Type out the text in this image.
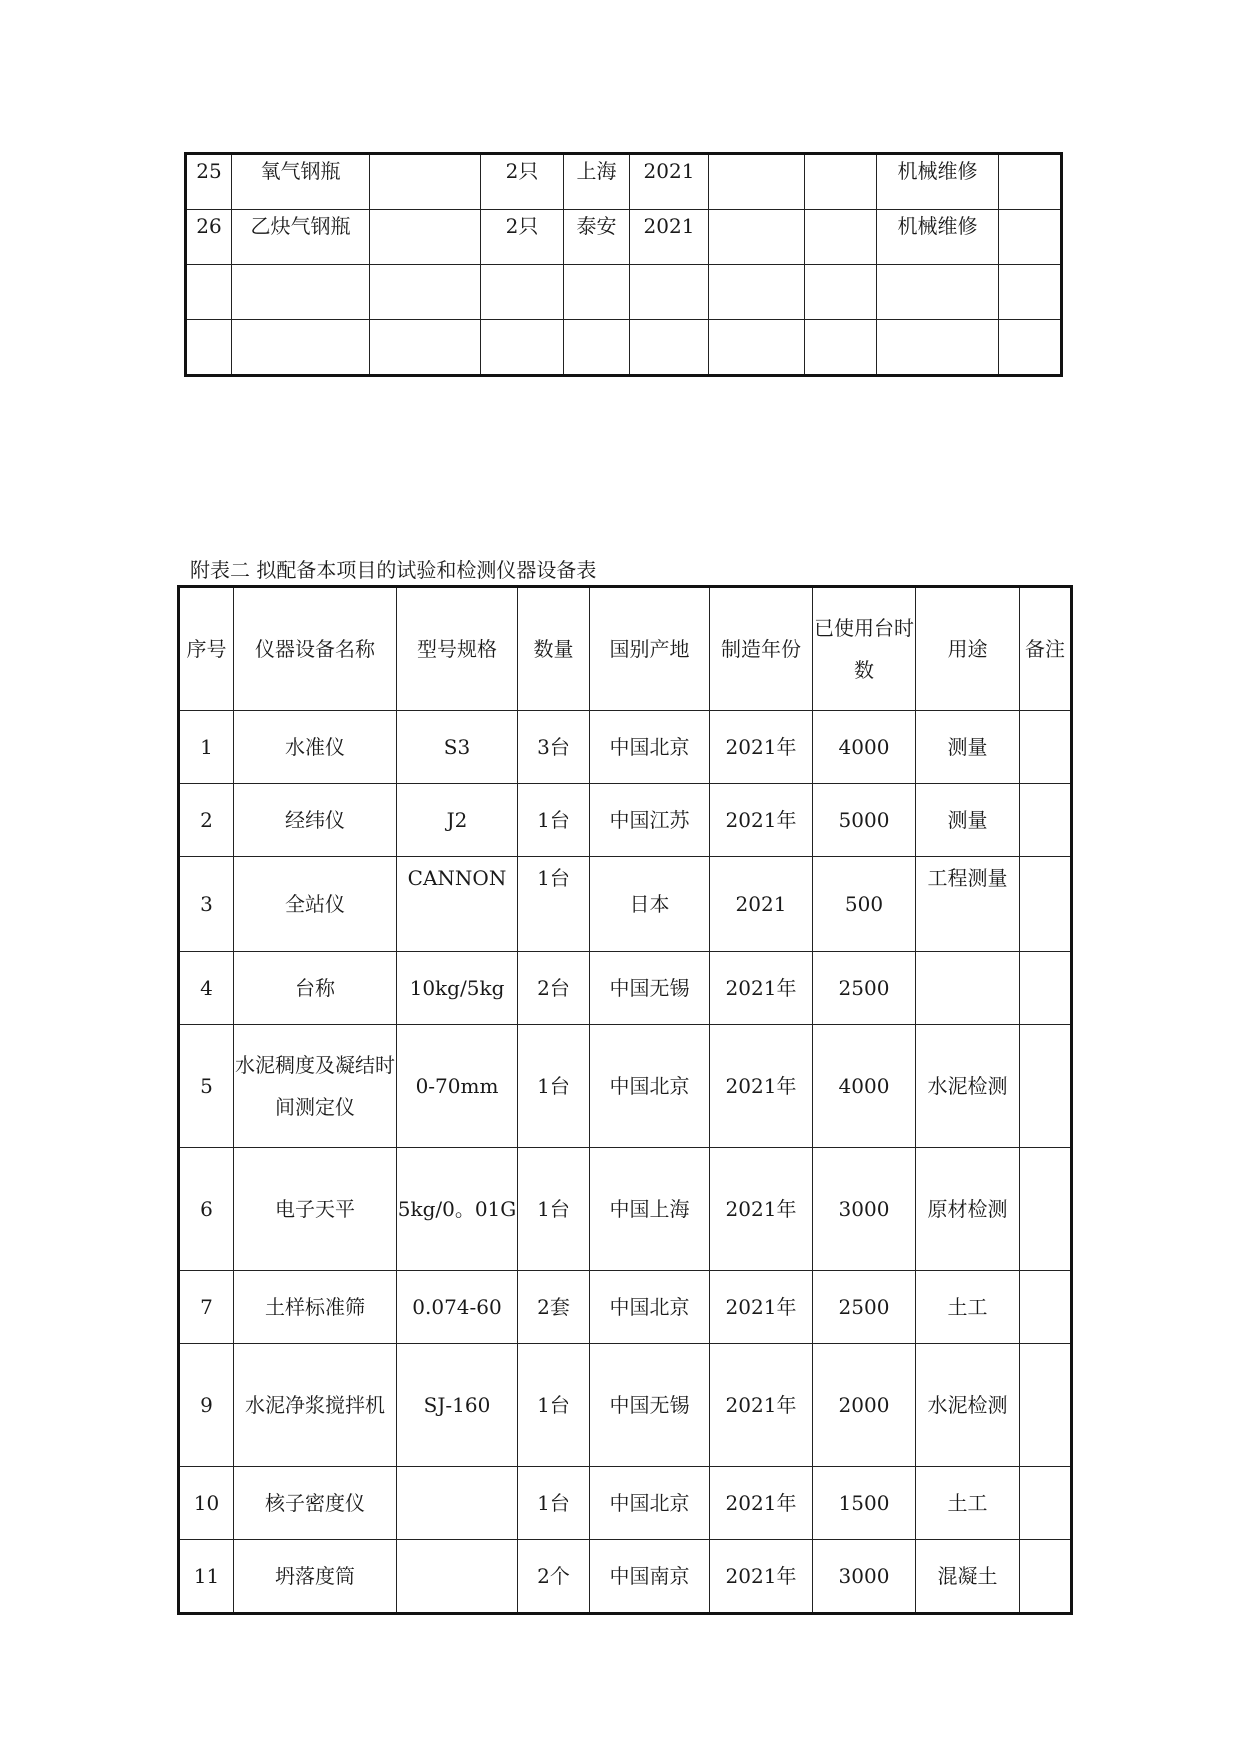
25	氧气钢瓶		2只	上海	2021			机械维修	
26	乙炔气钢瓶		2只	泰安	2021			机械维修	

附表二 拟配备本项目的试验和检测仪器设备表
序号	仪器设备名称	型号规格	数量	国别产地	制造年份	已使用台时数	用途	备注
1	水准仪	S3	3台	中国北京	2021年	4000	测量	
2	经纬仪	J2	1台	中国江苏	2021年	5000	测量	
3	全站仪	CANNON	1台	日本	2021	500	工程测量	
4	台称	10kg/5kg	2台	中国无锡	2021年	2500		
5	水泥稠度及凝结时间测定仪	0-70mm	1台	中国北京	2021年	4000	水泥检测	
6	电子天平	5kg/0。01G	1台	中国上海	2021年	3000	原材检测	
7	土样标准筛	0.074-60	2套	中国北京	2021年	2500	土工	
9	水泥净浆搅拌机	SJ-160	1台	中国无锡	2021年	2000	水泥检测	
10	核子密度仪		1台	中国北京	2021年	1500	土工	
11	坍落度筒		2个	中国南京	2021年	3000	混凝土	
